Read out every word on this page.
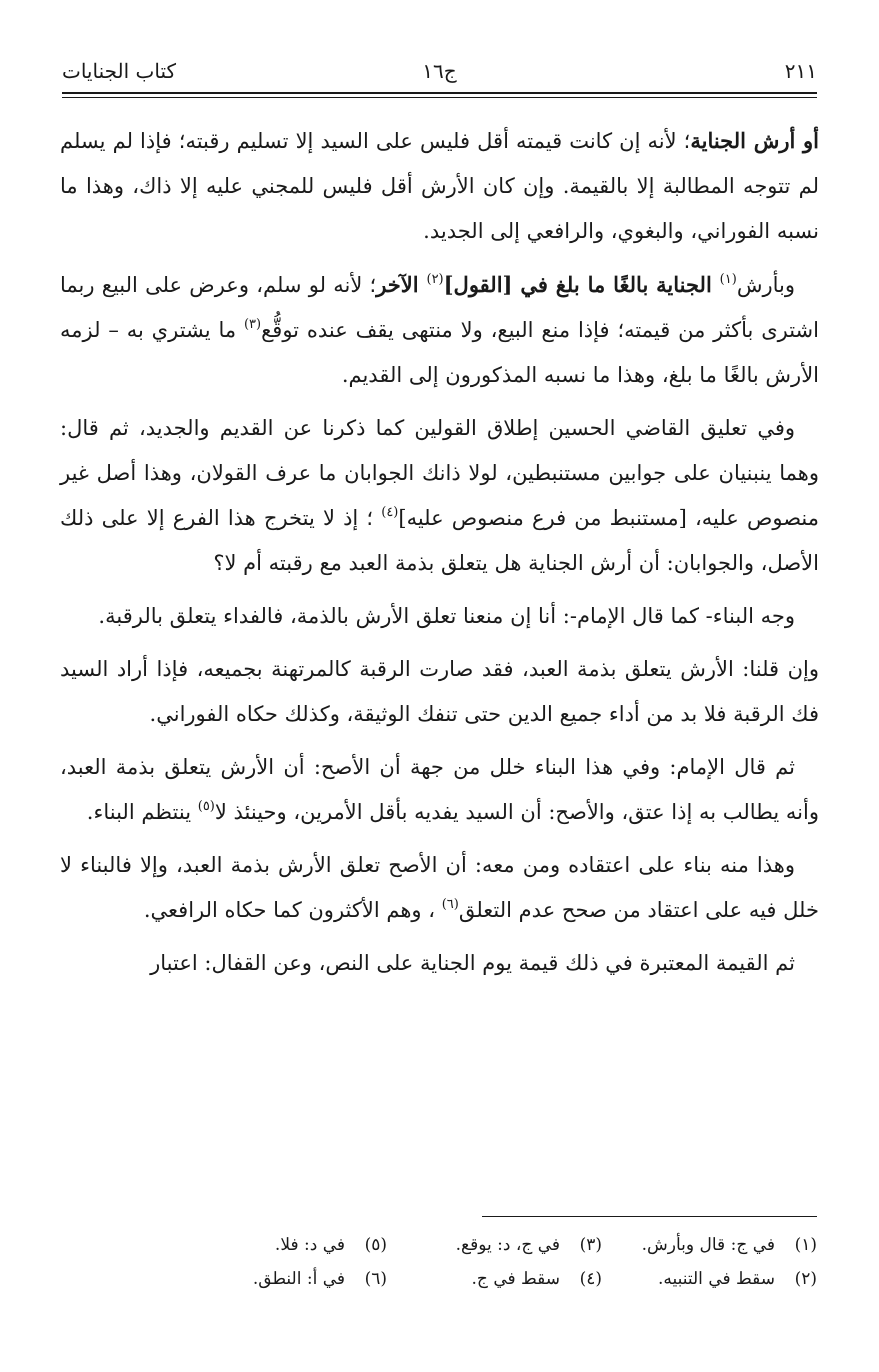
٢١١
ج١٦
كتاب الجنايات

أو أرش الجناية؛ لأنه إن كانت قيمته أقل فليس على السيد إلا تسليم رقبته؛ فإذا لم يسلم لم تتوجه المطالبة إلا بالقيمة. وإن كان الأرش أقل فليس للمجني عليه إلا ذاك، وهذا ما نسبه الفوراني، والبغوي، والرافعي إلى الجديد.

وبأرش$^{(١)}$ الجناية بالغًا ما بلغ في [القول]$^{(٢)}$ الآخر؛ لأنه لو سلم، وعرض على البيع ربما اشترى بأكثر من قيمته؛ فإذا منع البيع، ولا منتهى يقف عنده توقُّع$^{(٣)}$ ما يشتري به – لزمه الأرش بالغًا ما بلغ، وهذا ما نسبه المذكورون إلى القديم.

وفي تعليق القاضي الحسين إطلاق القولين كما ذكرنا عن القديم والجديد، ثم قال: وهما ينبنيان على جوابين مستنبطين، لولا ذانك الجوابان ما عرف القولان، وهذا أصل غير منصوص عليه، [مستنبط من فرع منصوص عليه]$^{(٤)}$ ؛ إذ لا يتخرج هذا الفرع إلا على ذلك الأصل، والجوابان: أن أرش الجناية هل يتعلق بذمة العبد مع رقبته أم لا؟

وجه البناء- كما قال الإمام-: أنا إن منعنا تعلق الأرش بالذمة، فالفداء يتعلق بالرقبة.

وإن قلنا: الأرش يتعلق بذمة العبد، فقد صارت الرقبة كالمرتهنة بجميعه، فإذا أراد السيد فك الرقبة فلا بد من أداء جميع الدين حتى تنفك الوثيقة، وكذلك حكاه الفوراني.

ثم قال الإمام: وفي هذا البناء خلل من جهة أن الأصح: أن الأرش يتعلق بذمة العبد، وأنه يطالب به إذا عتق، والأصح: أن السيد يفديه بأقل الأمرين، وحينئذ لا$^{(٥)}$ ينتظم البناء.

وهذا منه بناء على اعتقاده ومن معه: أن الأصح تعلق الأرش بذمة العبد، وإلا فالبناء لا خلل فيه على اعتقاد من صحح عدم التعلق$^{(٦)}$ ، وهم الأكثرون كما حكاه الرافعي.

ثم القيمة المعتبرة في ذلك قيمة يوم الجناية على النص، وعن القفال: اعتبار

(١)في ج: قال وبأرش.
(٣)في ج، د: يوقع.
(٥)في د: فلا.
(٢)سقط في التنبيه.
(٤)سقط في ج.
(٦)في أ: النطق.
